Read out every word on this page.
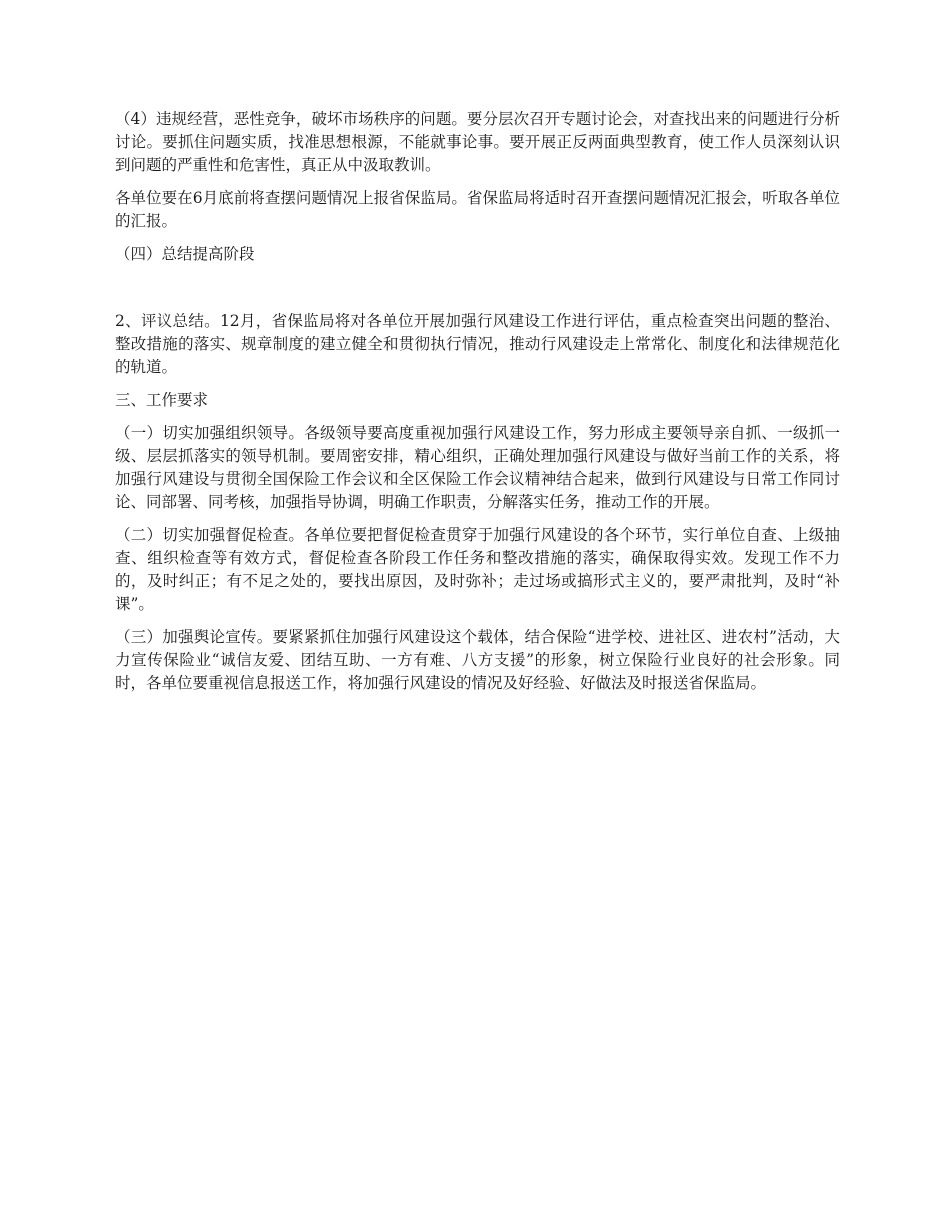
（4）违规经营，恶性竞争，破坏市场秩序的问题。要分层次召开专题讨论会，对查找出来的问题进行分析讨论。要抓住问题实质，找准思想根源，不能就事论事。要开展正反两面典型教育，使工作人员深刻认识到问题的严重性和危害性，真正从中汲取教训。

各单位要在6月底前将查摆问题情况上报省保监局。省保监局将适时召开查摆问题情况汇报会，听取各单位的汇报。

（四）总结提高阶段

2、评议总结。12月，省保监局将对各单位开展加强行风建设工作进行评估，重点检查突出问题的整治、整改措施的落实、规章制度的建立健全和贯彻执行情况，推动行风建设走上常常化、制度化和法律规范化的轨道。

三、工作要求

（一）切实加强组织领导。各级领导要高度重视加强行风建设工作，努力形成主要领导亲自抓、一级抓一级、层层抓落实的领导机制。要周密安排，精心组织，正确处理加强行风建设与做好当前工作的关系，将加强行风建设与贯彻全国保险工作会议和全区保险工作会议精神结合起来，做到行风建设与日常工作同讨论、同部署、同考核，加强指导协调，明确工作职责，分解落实任务，推动工作的开展。

（二）切实加强督促检查。各单位要把督促检查贯穿于加强行风建设的各个环节，实行单位自查、上级抽查、组织检查等有效方式，督促检查各阶段工作任务和整改措施的落实，确保取得实效。发现工作不力的，及时纠正；有不足之处的，要找出原因，及时弥补；走过场或搞形式主义的，要严肃批判，及时“补课”。

（三）加强舆论宣传。要紧紧抓住加强行风建设这个载体，结合保险“进学校、进社区、进农村”活动，大力宣传保险业“诚信友爱、团结互助、一方有难、八方支援”的形象，树立保险行业良好的社会形象。同时，各单位要重视信息报送工作，将加强行风建设的情况及好经验、好做法及时报送省保监局。
